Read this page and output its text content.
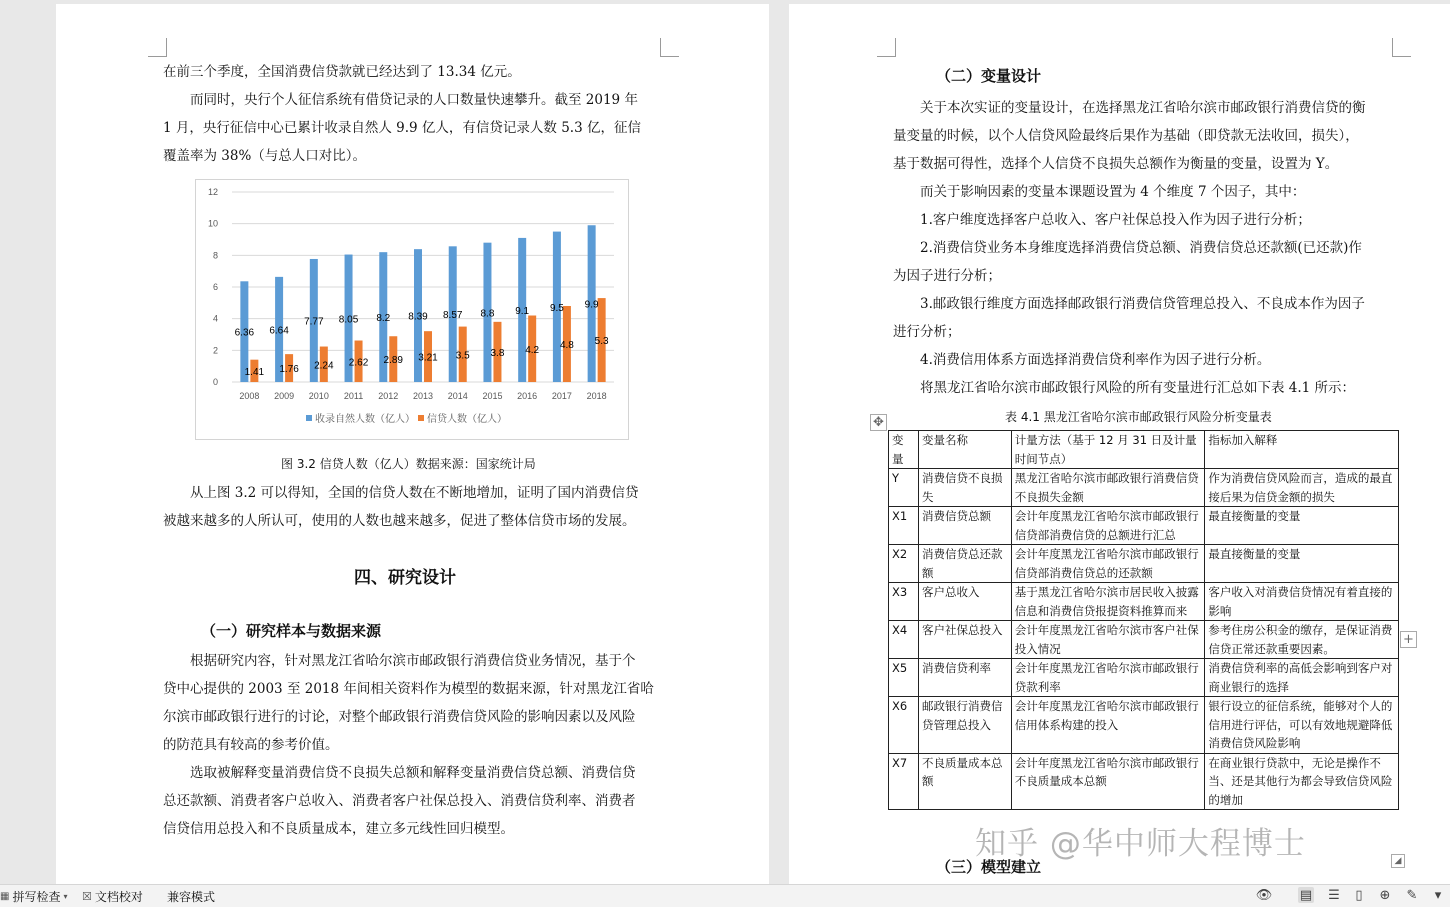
在前三个季度，全国消费信贷款就已经达到了 13.34 亿元。

而同时，央行个人征信系统有借贷记录的人口数量快速攀升。截至 2019 年
1 月，央行征信中心已累计收录自然人 9.9 亿人，有信贷记录人数 5.3 亿，征信
覆盖率为 38%（与总人口对比）。

0
2
4
6
8
10
12
2008
6.36
1.41
2009
6.64
1.76
2010
7.77
2.24
2011
8.05
2.62
2012
8.2
2.89
2013
8.39
3.21
2014
8.57
3.5
2015
8.8
3.8
2016
9.1
4.2
2017
9.5
4.8
2018
9.9
5.3
收录自然人数（亿人） 信贷人数（亿人）
图 3.2 信贷人数（亿人）数据来源：国家统计局

从上图 3.2 可以得知，全国的信贷人数在不断地增加，证明了国内消费信贷
被越来越多的人所认可，使用的人数也越来越多，促进了整体信贷市场的发展。

四、研究设计
（一）研究样本与数据来源

根据研究内容，针对黑龙江省哈尔滨市邮政银行消费信贷业务情况，基于个
贷中心提供的 2003 至 2018 年间相关资料作为模型的数据来源，针对黑龙江省哈
尔滨市邮政银行进行的讨论，对整个邮政银行消费信贷风险的影响因素以及风险
的防范具有较高的参考价值。

选取被解释变量消费信贷不良损失总额和解释变量消费信贷总额、消费信贷
总还款额、消费者客户总收入、消费者客户社保总投入、消费信贷利率、消费者
信贷信用总投入和不良质量成本，建立多元线性回归模型。

（二）变量设计

关于本次实证的变量设计，在选择黑龙江省哈尔滨市邮政银行消费信贷的衡
量变量的时候，以个人信贷风险最终后果作为基础（即贷款无法收回，损失），
基于数据可得性，选择个人信贷不良损失总额作为衡量的变量，设置为 Y。

而关于影响因素的变量本课题设置为 4 个维度 7 个因子，其中：

1.客户维度选择客户总收入、客户社保总投入作为因子进行分析；

2.消费信贷业务本身维度选择消费信贷总额、消费信贷总还款额(已还款)作
为因子进行分析；

3.邮政银行维度方面选择邮政银行消费信贷管理总投入、不良成本作为因子
进行分析；

4.消费信用体系方面选择消费信贷利率作为因子进行分析。

将黑龙江省哈尔滨市邮政银行风险的所有变量进行汇总如下表 4.1 所示：

✥	表 4.1 黑龙江省哈尔滨市邮政银行风险分析变量表
变量	变量名称	计量方法（基于 12 月 31 日及计量时间节点）	指标加入解释
Y	消费信贷不良损失	黑龙江省哈尔滨市邮政银行消费信贷不良损失金额	作为消费信贷风险而言，造成的最直接后果为信贷金额的损失
X1	消费信贷总额	会计年度黑龙江省哈尔滨市邮政银行信贷部消费信贷的总额进行汇总	最直接衡量的变量
X2	消费信贷总还款额	会计年度黑龙江省哈尔滨市邮政银行信贷部消费信贷总的还款额	最直接衡量的变量
X3	客户总收入	基于黑龙江省哈尔滨市居民收入披露信息和消费信贷报提资料推算而来	客户收入对消费信贷情况有着直接的影响
X4	客户社保总投入	会计年度黑龙江省哈尔滨市客户社保投入情况	参考住房公积金的缴存，是保证消费信贷正常还款重要因素。
X5	消费信贷利率	会计年度黑龙江省哈尔滨市邮政银行贷款利率	消费信贷利率的高低会影响到客户对商业银行的选择
X6	邮政银行消费信贷管理总投入	会计年度黑龙江省哈尔滨市邮政银行信用体系构建的投入	银行设立的征信系统，能够对个人的信用进行评估，可以有效地规避降低消费信贷风险影响
X7	不良质量成本总额	会计年度黑龙江省哈尔滨市邮政银行不良质量成本总额	在商业银行贷款中，无论是操作不当、还是其他行为都会导致信贷风险的增加
+
◢
（三）模型建立
知乎 @华中师大程博士
▦ 拼写检查 ▾ ☒ 文档校对 兼容模式	👁 ▤ ☰	▯	⊕ ✎	▾
